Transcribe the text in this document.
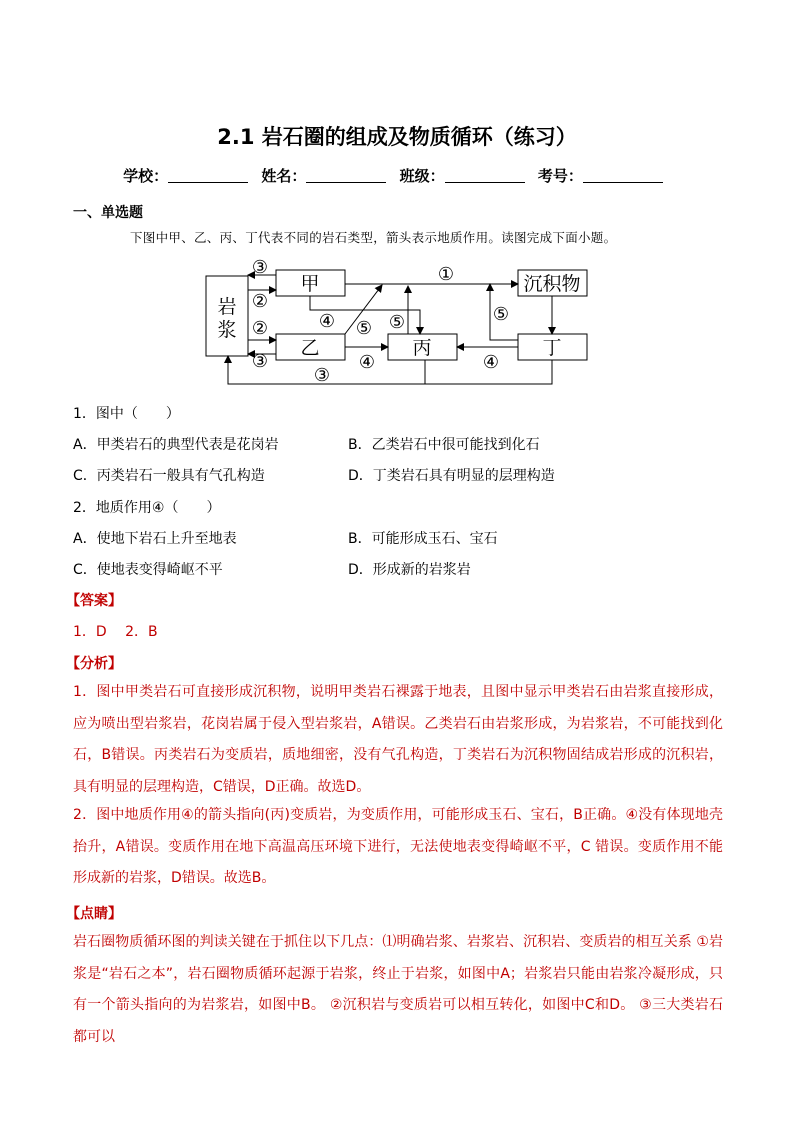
2.1 岩石圈的组成及物质循环（练习）
学校：	姓名：	班级：	考号：
一、单选题
下图中甲、乙、丙、丁代表不同的岩石类型，箭头表示地质作用。读图完成下面小题。
岩
浆
甲
乙	丙	丁
沉积物
③
②
②
③
①
④ ⑤ ⑤	⑤
④	④
③
1．图中（　　）
A．甲类岩石的典型代表是花岗岩	B．乙类岩石中很可能找到化石
C．丙类岩石一般具有气孔构造	D．丁类岩石具有明显的层理构造
2．地质作用④（　　）
A．使地下岩石上升至地表	B．可能形成玉石、宝石
C．使地表变得崎岖不平	D．形成新的岩浆岩
【答案】
1．D　 2．B
【分析】

1．图中甲类岩石可直接形成沉积物，说明甲类岩石裸露于地表，且图中显示甲类岩石由岩浆直接形成，应为喷出型岩浆岩，花岗岩属于侵入型岩浆岩，A错误。乙类岩石由岩浆形成，为岩浆岩，不可能找到化石，B错误。丙类岩石为变质岩，质地细密，没有气孔构造，丁类岩石为沉积物固结成岩形成的沉积岩，具有明显的层理构造，C错误，D正确。故选D。

2．图中地质作用④的箭头指向(丙)变质岩，为变质作用，可能形成玉石、宝石，B正确。④没有体现地壳抬升，A错误。变质作用在地下高温高压环境下进行，无法使地表变得崎岖不平，C 错误。变质作用不能形成新的岩浆，D错误。故选B。

【点睛】

岩石圈物质循环图的判读关键在于抓住以下几点：⑴明确岩浆、岩浆岩、沉积岩、变质岩的相互关系 ①岩浆是“岩石之本”，岩石圈物质循环起源于岩浆，终止于岩浆，如图中A；岩浆岩只能由岩浆冷凝形成，只有一个箭头指向的为岩浆岩，如图中B。 ②沉积岩与变质岩可以相互转化，如图中C和D。 ③三大类岩石都可以
